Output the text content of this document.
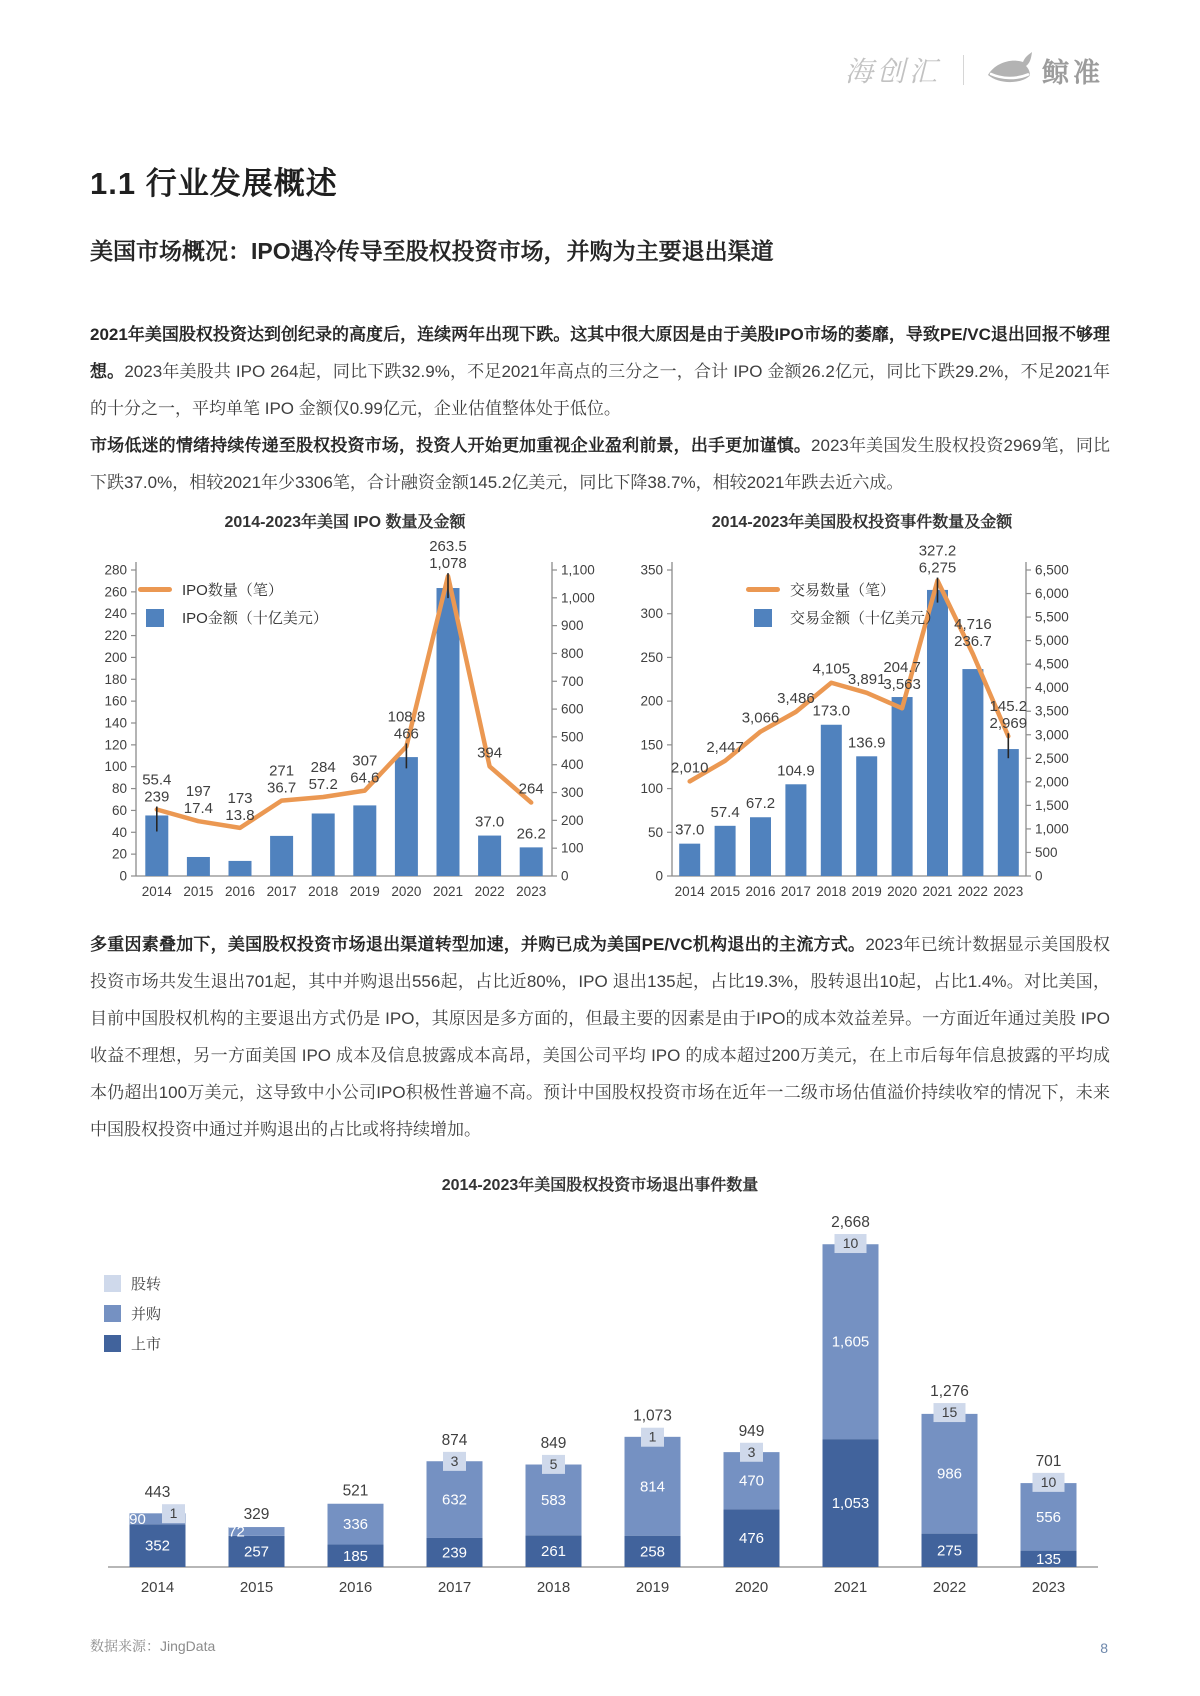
海创汇	鲸准
1.1 行业发展概述
美国市场概况：IPO遇冷传导至股权投资市场，并购为主要退出渠道

2021年美国股权投资达到创纪录的高度后，连续两年出现下跌。这其中很大原因是由于美股IPO市场的萎靡，导致PE/VC退出回报不够理想。2023年美股共 IPO 264起，同比下跌32.9%，不足2021年高点的三分之一，合计 IPO 金额26.2亿元，同比下跌29.2%，不足2021年的十分之一，平均单笔 IPO 金额仅0.99亿元，企业估值整体处于低位。

市场低迷的情绪持续传递至股权投资市场，投资人开始更加重视企业盈利前景，出手更加谨慎。2023年美国发生股权投资2969笔，同比下跌37.0%，相较2021年少3306笔，合计融资金额145.2亿美元，同比下降38.7%，相较2021年跌去近六成。

2014-2023年美国 IPO 数量及金额
0
20
40
60
80
100
120
140
160
180
200
220
240
260
280
0
100
200
300
400
500
600
700
800
900
1,000
1,100
2014 2015 2016 2017 2018 2019 2020 2021 2022 2023
55.4
239 197
17.4
173
13.8
271
36.7
284
57.2
307
64.6
108.8
466
263.5
1,078
394
37.0
264
26.2
IPO数量（笔）
IPO金额（十亿美元）
2014-2023年美国股权投资事件数量及金额
0
50
100
150
200
250
300
350
0
500
1,000
1,500
2,000
2,500
3,000
3,500
4,000
4,500
5,000
5,500
6,000
6,500
2014 2015 2016 2017 2018 2019 2020 2021 2022 2023
2,010
37.0
2,447
57.4
3,066
67.2
3,486
104.9
4,105
173.0
3,891
136.9
204.7
3,563
327.2
6,275
4,716
236.7
145.2
2,969
交易数量（笔）
交易金额（十亿美元）

多重因素叠加下，美国股权投资市场退出渠道转型加速，并购已成为美国PE/VC机构退出的主流方式。2023年已统计数据显示美国股权投资市场共发生退出701起，其中并购退出556起，占比近80%，IPO 退出135起，占比19.3%，股转退出10起，占比1.4%。对比美国，目前中国股权机构的主要退出方式仍是 IPO，其原因是多方面的，但最主要的因素是由于IPO的成本效益差异。一方面近年通过美股 IPO 收益不理想，另一方面美国 IPO 成本及信息披露成本高昂，美国公司平均 IPO 的成本超过200万美元，在上市后每年信息披露的平均成本仍超出100万美元，这导致中小公司IPO积极性普遍不高。预计中国股权投资市场在近年一二级市场估值溢价持续收窄的情况下，未来中国股权投资中通过并购退出的占比或将持续增加。

2014-2023年美国股权投资市场退出事件数量
352
90 1
443
2014
257
72
329
2015
185
336
521
2016
239
632
3
874
2017
261
583
5
849
2018
258
814
1
1,073
2019
476
470
3
949
2020
1,053
1,605
10
2,668
2021
275
986
15
1,276
2022
135
556
10
701
2023
股转
并购
上市
数据来源：JingData	8
